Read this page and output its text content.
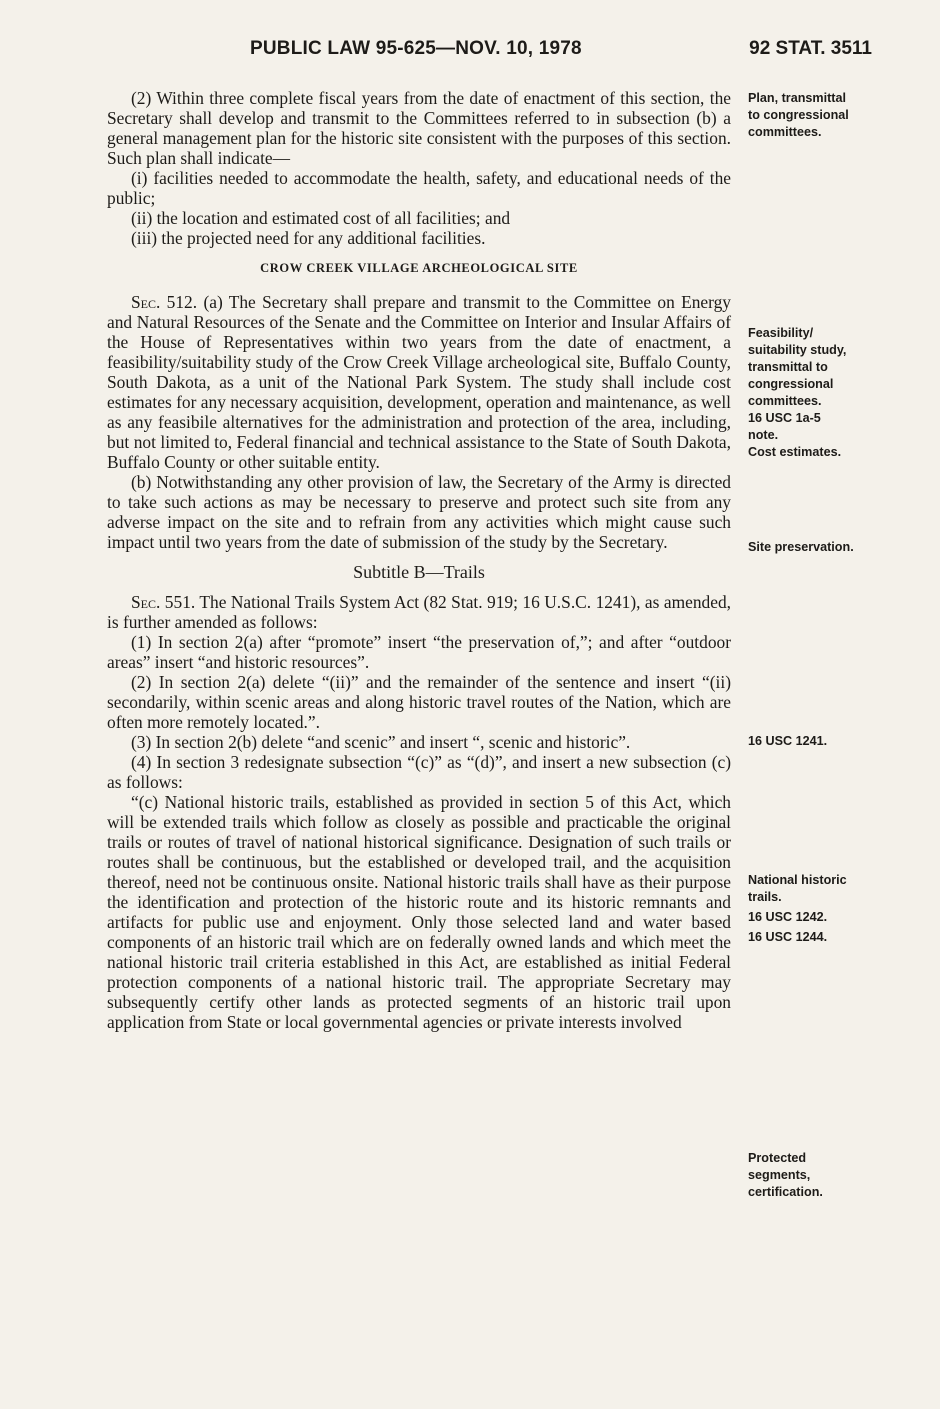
PUBLIC LAW 95-625—NOV. 10, 1978	92 STAT. 3511

(2) Within three complete fiscal years from the date of enactment of this section, the Secretary shall develop and transmit to the Committees referred to in subsection (b) a general management plan for the historic site consistent with the purposes of this section. Such plan shall indicate—

(i) facilities needed to accommodate the health, safety, and educational needs of the public;

(ii) the location and estimated cost of all facilities; and

(iii) the projected need for any additional facilities.

CROW CREEK VILLAGE ARCHEOLOGICAL SITE

Sec. 512. (a) The Secretary shall prepare and transmit to the Committee on Energy and Natural Resources of the Senate and the Committee on Interior and Insular Affairs of the House of Representatives within two years from the date of enactment, a feasibility/suitability study of the Crow Creek Village archeological site, Buffalo County, South Dakota, as a unit of the National Park System. The study shall include cost estimates for any necessary acquisition, development, operation and maintenance, as well as any feasibile alternatives for the administration and protection of the area, including, but not limited to, Federal financial and technical assistance to the State of South Dakota, Buffalo County or other suitable entity.

(b) Notwithstanding any other provision of law, the Secretary of the Army is directed to take such actions as may be necessary to preserve and protect such site from any adverse impact on the site and to refrain from any activities which might cause such impact until two years from the date of submission of the study by the Secretary.

Subtitle B—Trails

Sec. 551. The National Trails System Act (82 Stat. 919; 16 U.S.C. 1241), as amended, is further amended as follows:

(1) In section 2(a) after “promote” insert “the preservation of,”; and after “outdoor areas” insert “and historic resources”.

(2) In section 2(a) delete “(ii)” and the remainder of the sentence and insert “(ii) secondarily, within scenic areas and along historic travel routes of the Nation, which are often more remotely located.”.

(3) In section 2(b) delete “and scenic” and insert “, scenic and historic”.

(4) In section 3 redesignate subsection “(c)” as “(d)”, and insert a new subsection (c) as follows:

“(c) National historic trails, established as provided in section 5 of this Act, which will be extended trails which follow as closely as possible and practicable the original trails or routes of travel of national historical significance. Designation of such trails or routes shall be continuous, but the established or developed trail, and the acquisition thereof, need not be continuous onsite. National historic trails shall have as their purpose the identification and protection of the historic route and its historic remnants and artifacts for public use and enjoyment. Only those selected land and water based components of an historic trail which are on federally owned lands and which meet the national historic trail criteria established in this Act, are established as initial Federal protection components of a national historic trail. The appropriate Secretary may subsequently certify other lands as protected segments of an historic trail upon application from State or local governmental agencies or private interests involved

Plan, transmittal
to congressional
committees.
Feasibility/
suitability study,
transmittal to
congressional
committees.
16 USC 1a-5
note.
Cost estimates.
Site preservation.
16 USC 1241.
National historic
trails.
16 USC 1242.
16 USC 1244.
Protected
segments,
certification.
